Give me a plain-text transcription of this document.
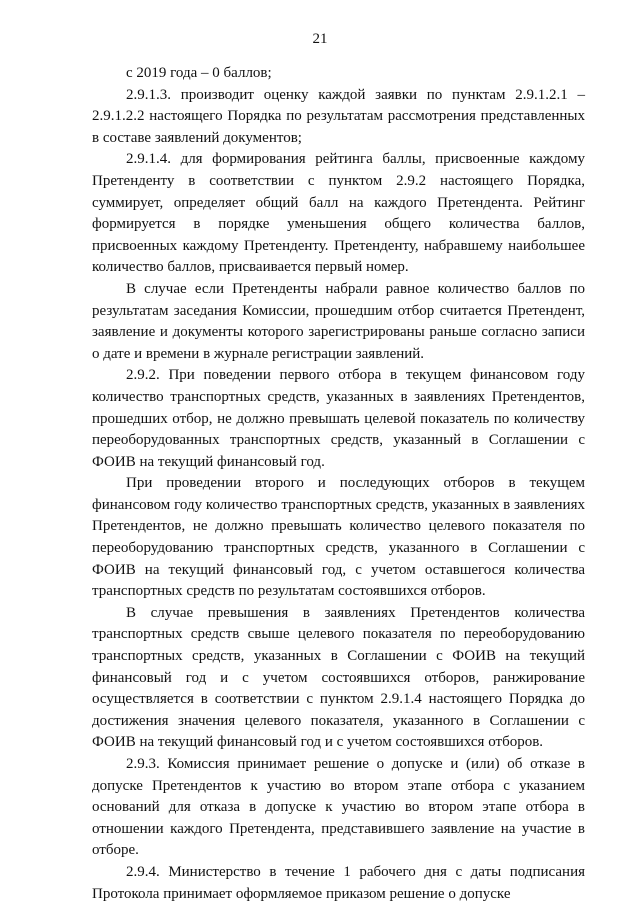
21

с 2019 года – 0 баллов;

2.9.1.3. производит оценку каждой заявки по пунктам 2.9.1.2.1 – 2.9.1.2.2 настоящего Порядка по результатам рассмотрения представленных в составе заявлений документов;

2.9.1.4. для формирования рейтинга баллы, присвоенные каждому Претенденту в соответствии с пунктом 2.9.2 настоящего Порядка, суммирует, определяет общий балл на каждого Претендента. Рейтинг формируется в порядке уменьшения общего количества баллов, присвоенных каждому Претенденту. Претенденту, набравшему наибольшее количество баллов, присваивается первый номер.

В случае если Претенденты набрали равное количество баллов по результатам заседания Комиссии, прошедшим отбор считается Претендент, заявление и документы которого зарегистрированы раньше согласно записи о дате и времени в журнале регистрации заявлений.

2.9.2. При поведении первого отбора в текущем финансовом году количество транспортных средств, указанных в заявлениях Претендентов, прошедших отбор, не должно превышать целевой показатель по количеству переоборудованных транспортных средств, указанный в Соглашении с ФОИВ на текущий финансовый год.

При проведении второго и последующих отборов в текущем финансовом году количество транспортных средств, указанных в заявлениях Претендентов, не должно превышать количество целевого показателя по переоборудованию транспортных средств, указанного в Соглашении с ФОИВ на текущий финансовый год, с учетом оставшегося количества транспортных средств по результатам состоявшихся отборов.

В случае превышения в заявлениях Претендентов количества транспортных средств свыше целевого показателя по переоборудованию транспортных средств, указанных в Соглашении с ФОИВ на текущий финансовый год и с учетом состоявшихся отборов, ранжирование осуществляется в соответствии с пунктом 2.9.1.4 настоящего Порядка до достижения значения целевого показателя, указанного в Соглашении с ФОИВ на текущий финансовый год и с учетом состоявшихся отборов.

2.9.3. Комиссия принимает решение о допуске и (или) об отказе в допуске Претендентов к участию во втором этапе отбора с указанием оснований для отказа в допуске к участию во втором этапе отбора в отношении каждого Претендента, представившего заявление на участие в отборе.

2.9.4. Министерство в течение 1 рабочего дня с даты подписания Протокола принимает оформляемое приказом решение о допуске
